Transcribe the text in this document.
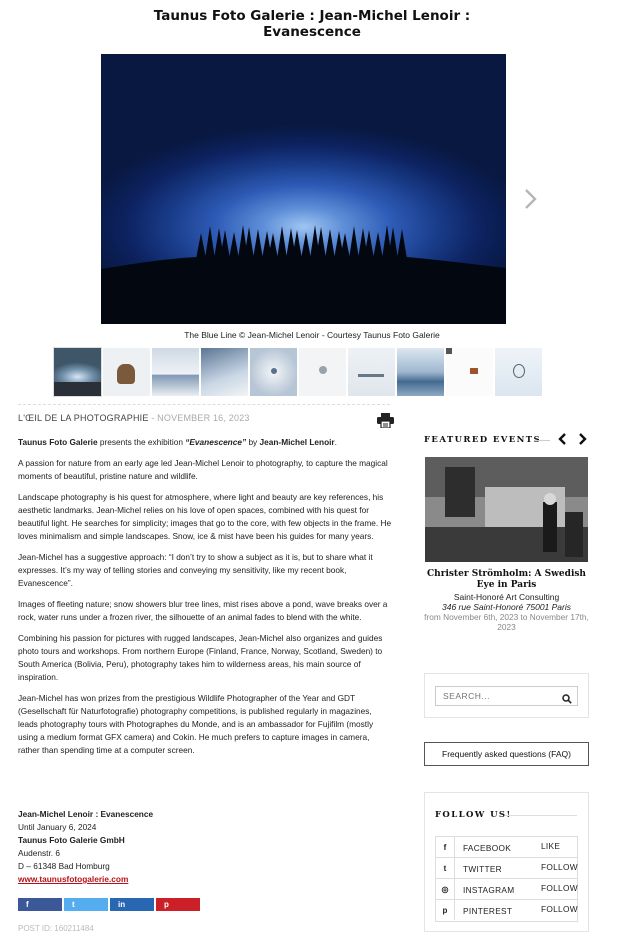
Taunus Foto Galerie : Jean-Michel Lenoir :
Evanescence
The Blue Line © Jean-Michel Lenoir - Courtesy Taunus Foto Galerie
L'ŒIL DE LA PHOTOGRAPHIE - NOVEMBER 16, 2023

Taunus Foto Galerie presents the exhibition “Evanescence” by Jean-Michel Lenoir.

A passion for nature from an early age led Jean-Michel Lenoir to photography, to capture the magical moments of beautiful, pristine nature and wildlife.

Landscape photography is his quest for atmosphere, where light and beauty are key references, his aesthetic landmarks. Jean-Michel relies on his love of open spaces, combined with his quest for beautiful light. He searches for simplicity; images that go to the core, with few objects in the frame. He loves minimalism and simple landscapes. Snow, ice & mist have been his guides for many years.

Jean-Michel has a suggestive approach: “I don’t try to show a subject as it is, but to share what it expresses. It’s my way of telling stories and conveying my sensitivity, like my recent book, Evanescence”.

Images of fleeting nature; snow showers blur tree lines, mist rises above a pond, wave breaks over a rock, water runs under a frozen river, the silhouette of an animal fades to blend with the white.

Combining his passion for pictures with rugged landscapes, Jean-Michel also organizes and guides photo tours and workshops. From northern Europe (Finland, France, Norway, Scotland, Sweden) to South America (Bolivia, Peru), photography takes him to wilderness areas, his main source of inspiration.

Jean-Michel has won prizes from the prestigious Wildlife Photographer of the Year and GDT (Gesellschaft für Naturfotografie) photography competitions, is published regularly in magazines, leads photography tours with Photographes du Monde, and is an ambassador for Fujifilm (mostly using a medium format GFX camera) and Cokin. He much prefers to capture images in camera, rather than spending time at a computer screen.

Jean-Michel Lenoir : Evanescence
Until January 6, 2024
Taunus Foto Galerie GmbH
Audenstr. 6
D – 61348 Bad Homburg
www.taunusfotogalerie.com
f	t	in	p
POST ID: 160211484
FEATURED EVENTS
Christer Strömholm: A Swedish Eye in Paris
Saint-Honoré Art Consulting
346 rue Saint-Honoré 75001 Paris
from November 6th, 2023 to November 17th, 2023
SEARCH...
Frequently asked questions (FAQ)
FOLLOW US!
f	FACEBOOK	LIKE
t	TWITTER	FOLLOW
◎	INSTAGRAM	FOLLOW
p	PINTEREST	FOLLOW
